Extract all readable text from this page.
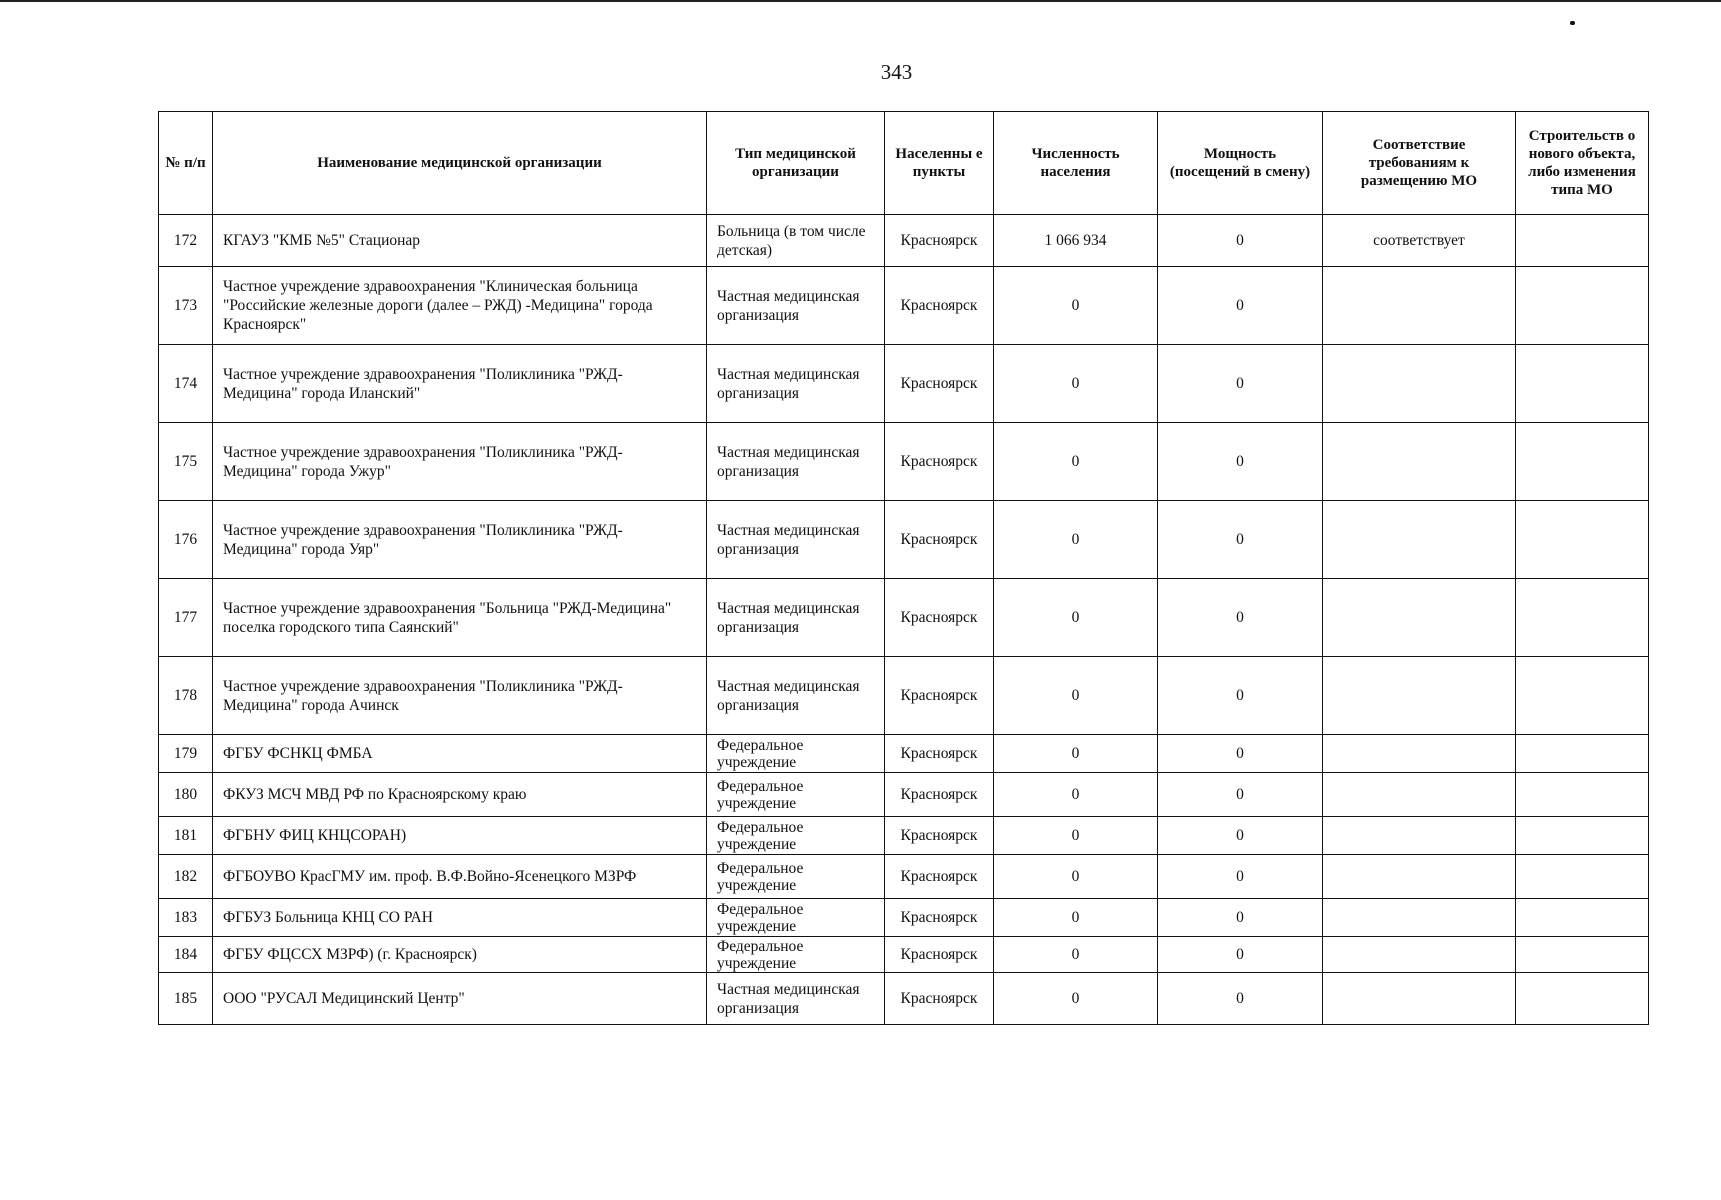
343
№ п/п	Наименование медицинской организации	Тип медицинской организации	Населенны е пункты	Численность населения	Мощность (посещений в смену)	Соответствие требованиям к размещению МО	Строительств о нового объекта, либо изменения типа МО
172	КГАУЗ "КМБ №5" Стационар	Больница (в том числе детская)	Красноярск	1 066 934	0	соответствует	
173	Частное учреждение здравоохранения "Клиническая больница "Российские железные дороги (далее – РЖД) -Медицина" города Красноярск"	Частная медицинская организация	Красноярск	0	0		
174	Частное учреждение здравоохранения "Поликлиника "РЖД-Медицина" города Иланский"	Частная медицинская организация	Красноярск	0	0		
175	Частное учреждение здравоохранения "Поликлиника "РЖД-Медицина" города Ужур"	Частная медицинская организация	Красноярск	0	0		
176	Частное учреждение здравоохранения "Поликлиника "РЖД-Медицина" города Уяр"	Частная медицинская организация	Красноярск	0	0		
177	Частное учреждение здравоохранения "Больница "РЖД-Медицина" поселка городского типа Саянский"	Частная медицинская организация	Красноярск	0	0		
178	Частное учреждение здравоохранения "Поликлиника "РЖД-Медицина" города Ачинск	Частная медицинская организация	Красноярск	0	0		
179	ФГБУ ФСНКЦ ФМБА	Федеральное учреждение	Красноярск	0	0		
180	ФКУЗ МСЧ МВД РФ по Красноярскому краю	Федеральное учреждение	Красноярск	0	0		
181	ФГБНУ ФИЦ КНЦСОРАН)	Федеральное учреждение	Красноярск	0	0		
182	ФГБОУВО КрасГМУ им. проф. В.Ф.Войно-Ясенецкого МЗРФ	Федеральное учреждение	Красноярск	0	0		
183	ФГБУЗ Больница КНЦ СО РАН	Федеральное учреждение	Красноярск	0	0		
184	ФГБУ ФЦССХ МЗРФ) (г. Красноярск)	Федеральное учреждение	Красноярск	0	0		
185	ООО "РУСАЛ Медицинский Центр"	Частная медицинская организация	Красноярск	0	0		
